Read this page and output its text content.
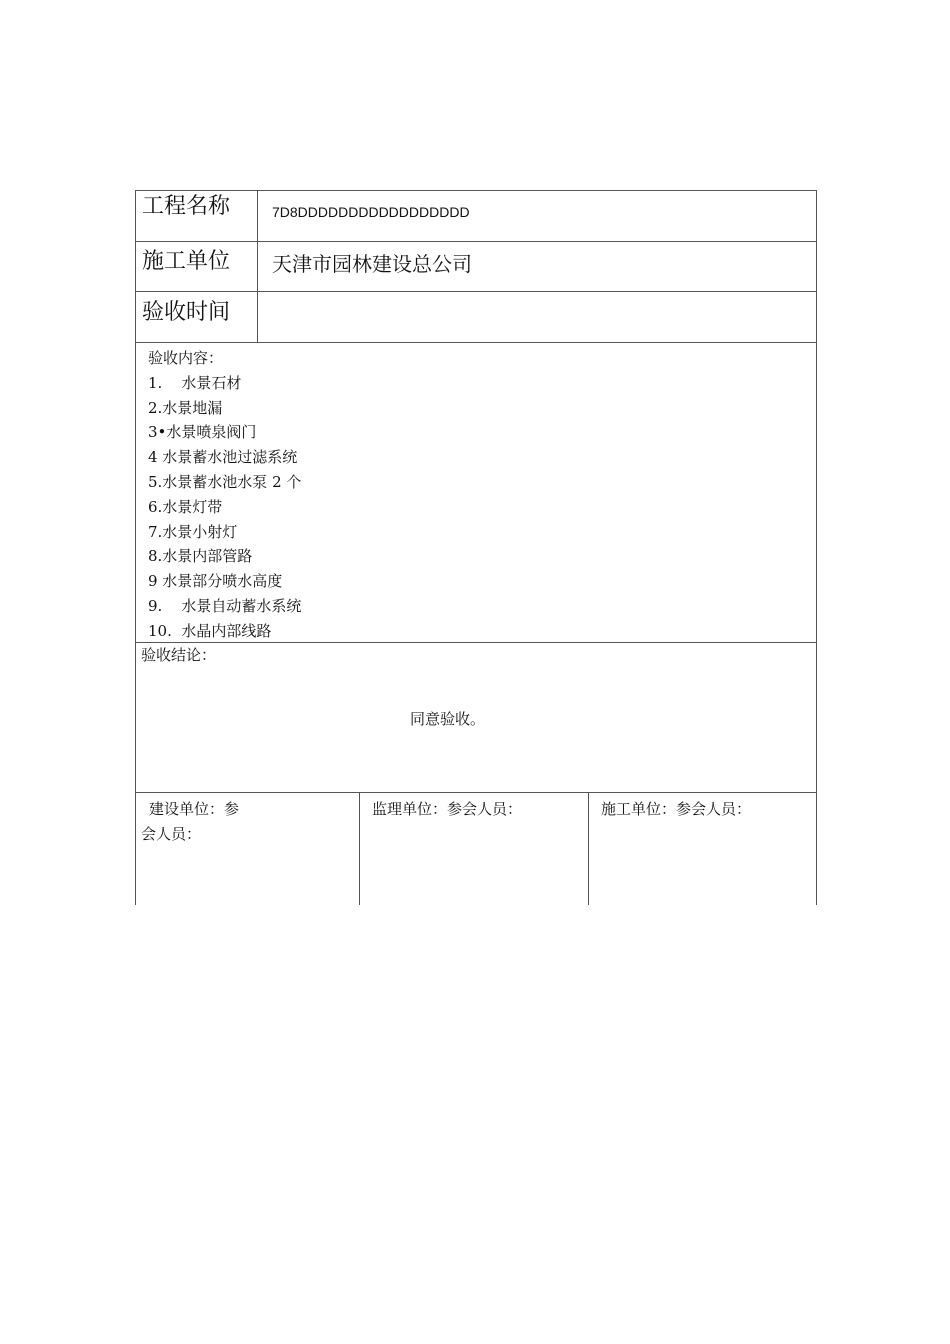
工程名称	7D8DDDDDDDDDDDDDDDDD
施工单位 天津市园林建设总公司
验收时间
验收内容：
1.    水景石材
2.水景地漏
3•水景喷泉阀门
4 水景蓄水池过滤系统
5.水景蓄水池水泵 2 个
6.水景灯带
7.水景小射灯
8.水景内部管路
9 水景部分喷水高度
9.    水景自动蓄水系统
10.  水晶内部线路
验收结论：
同意验收。
建设单位：参
会人员：
监理单位：参会人员：	施工单位：参会人员：
